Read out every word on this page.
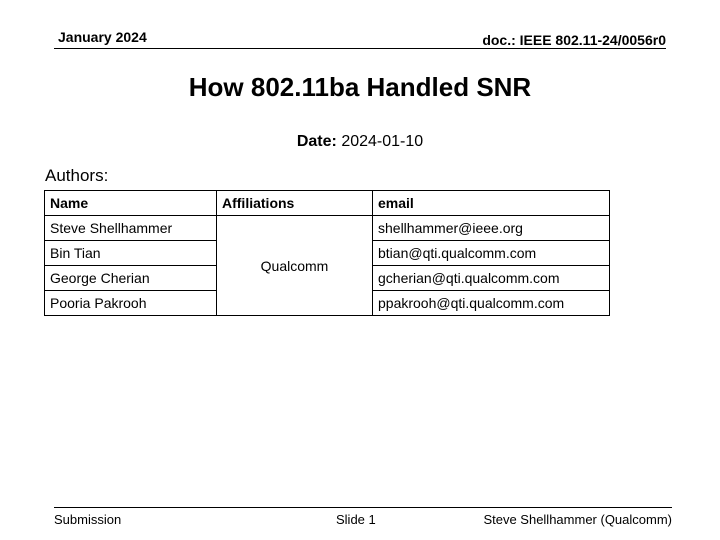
January 2024	doc.: IEEE 802.11-24/0056r0
How 802.11ba Handled SNR
Date: 2024-01-10
Authors:
Name	Affiliations	email
Steve Shellhammer	Qualcomm	shellhammer@ieee.org
Bin Tian		btian@qti.qualcomm.com
George Cherian		gcherian@qti.qualcomm.com
Pooria Pakrooh		ppakrooh@qti.qualcomm.com
Submission	Slide 1	Steve Shellhammer (Qualcomm)
